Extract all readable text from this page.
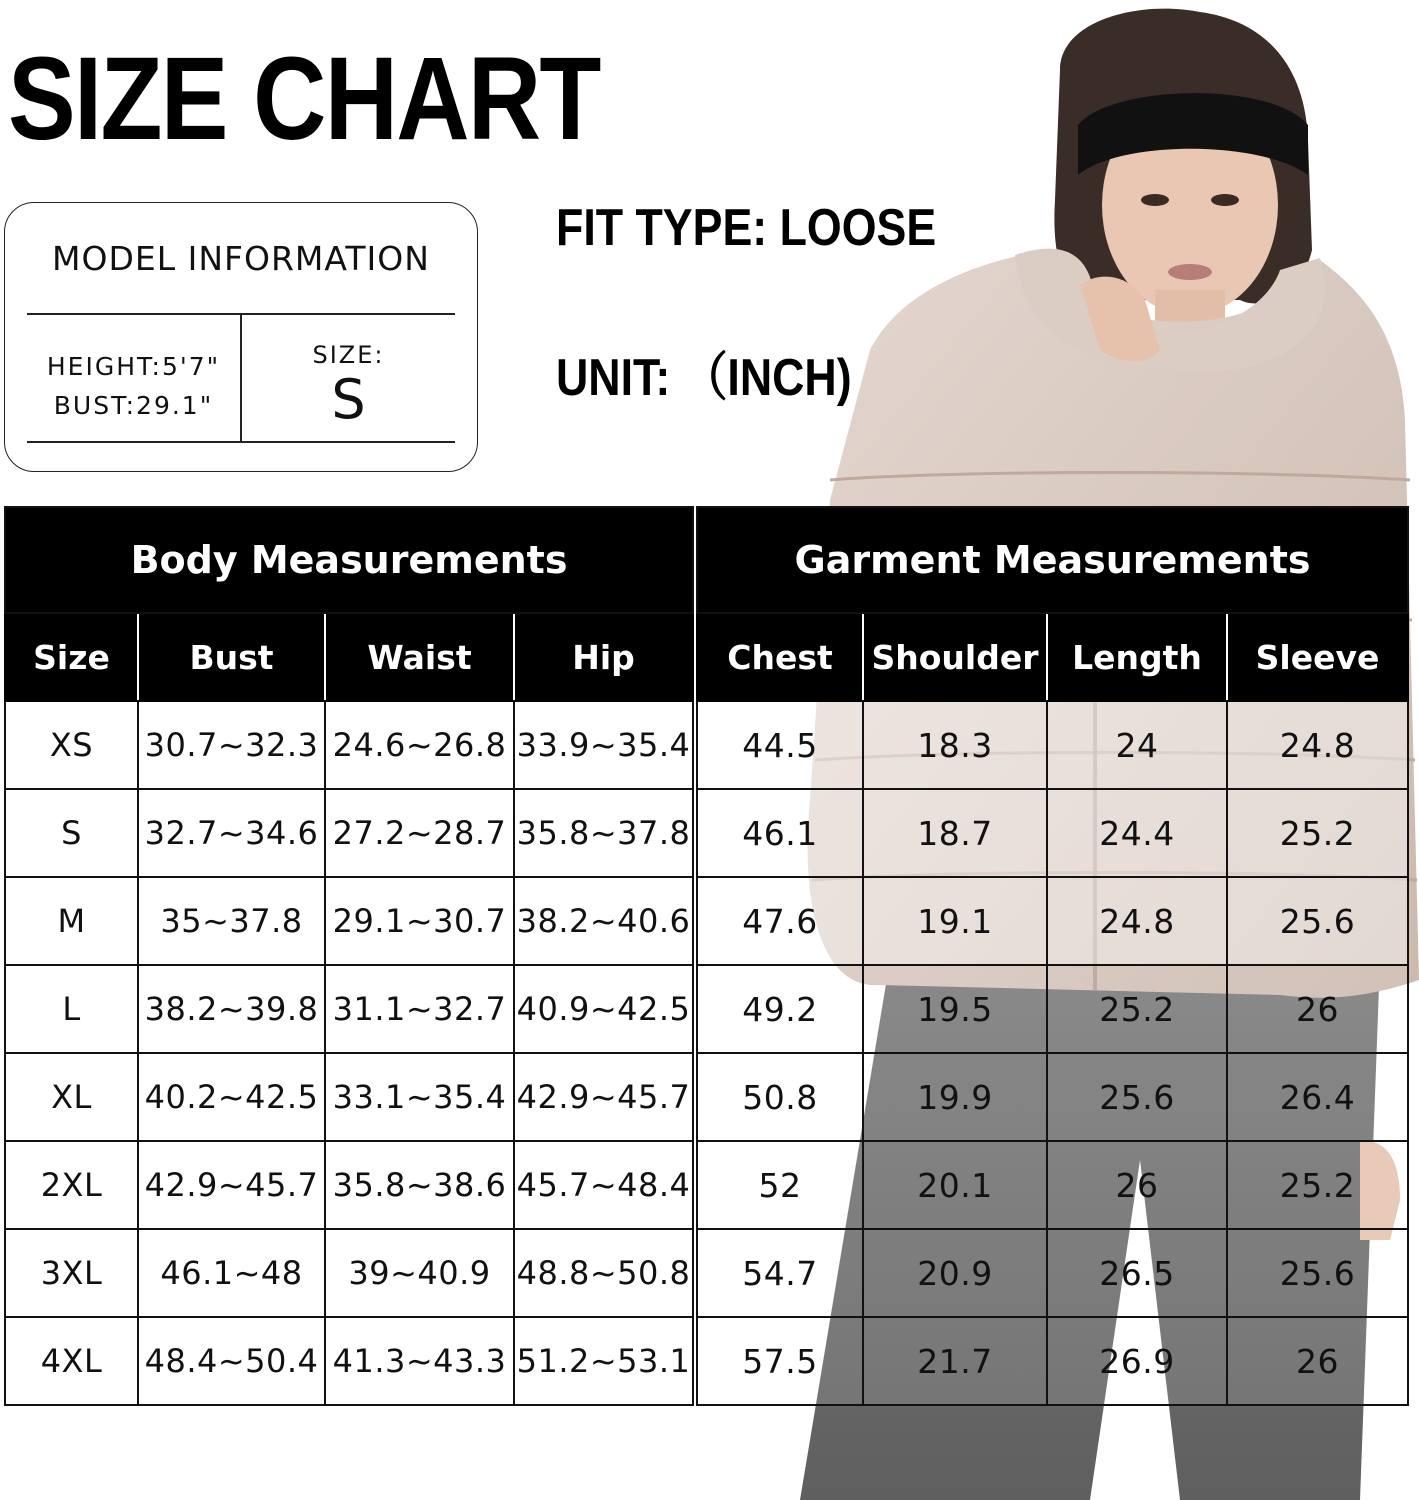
SIZE CHART
MODEL INFORMATION
HEIGHT:5'7"
BUST:29.1"
SIZE:
S
FIT TYPE: LOOSE
UNIT: （INCH)
Body Measurements			
Size	Bust	Waist	Hip
XS	30.7~32.3	24.6~26.8	33.9~35.4
S	32.7~34.6	27.2~28.7	35.8~37.8
M	35~37.8	29.1~30.7	38.2~40.6
L	38.2~39.8	31.1~32.7	40.9~42.5
XL	40.2~42.5	33.1~35.4	42.9~45.7
2XL	42.9~45.7	35.8~38.6	45.7~48.4
3XL	46.1~48	39~40.9	48.8~50.8
4XL	48.4~50.4	41.3~43.3	51.2~53.1
Garment Measurements			
Chest	Shoulder	Length	Sleeve
44.5	18.3	24	24.8
46.1	18.7	24.4	25.2
47.6	19.1	24.8	25.6
49.2	19.5	25.2	26
50.8	19.9	25.6	26.4
52	20.1	26	25.2
54.7	20.9	26.5	25.6
57.5	21.7	26.9	26
